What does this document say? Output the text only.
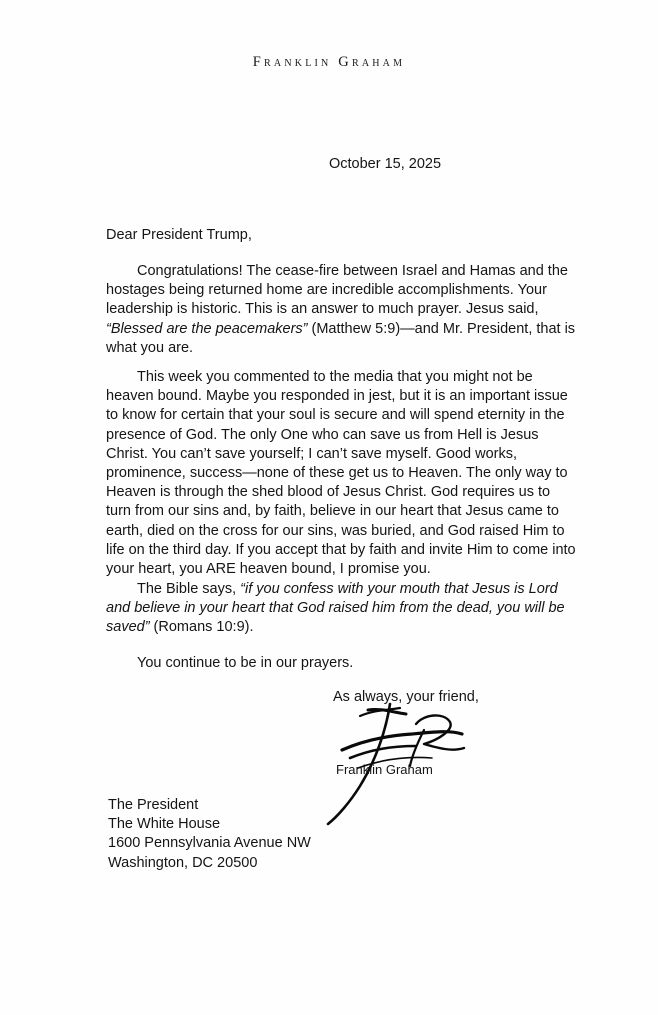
Franklin Graham
October 15, 2025
Dear President Trump,

Congratulations! The cease-fire between Israel and Hamas and the hostages being returned home are incredible accomplishments. Your leadership is historic. This is an answer to much prayer. Jesus said, “Blessed are the peacemakers” (Matthew 5:9)—and Mr. President, that is what you are.

This week you commented to the media that you might not be heaven bound. Maybe you responded in jest, but it is an important issue to know for certain that your soul is secure and will spend eternity in the presence of God. The only One who can save us from Hell is Jesus Christ. You can’t save yourself; I can’t save myself. Good works, prominence, success—none of these get us to Heaven. The only way to Heaven is through the shed blood of Jesus Christ. God requires us to turn from our sins and, by faith, believe in our heart that Jesus came to earth, died on the cross for our sins, was buried, and God raised Him to life on the third day. If you accept that by faith and invite Him to come into your heart, you ARE heaven bound, I promise you.

The Bible says, “if you confess with your mouth that Jesus is Lord and believe in your heart that God raised him from the dead, you will be saved” (Romans 10:9).

You continue to be in our prayers.

As always, your friend,
Franklin Graham
The President
The White House
1600 Pennsylvania Avenue NW
Washington, DC 20500
